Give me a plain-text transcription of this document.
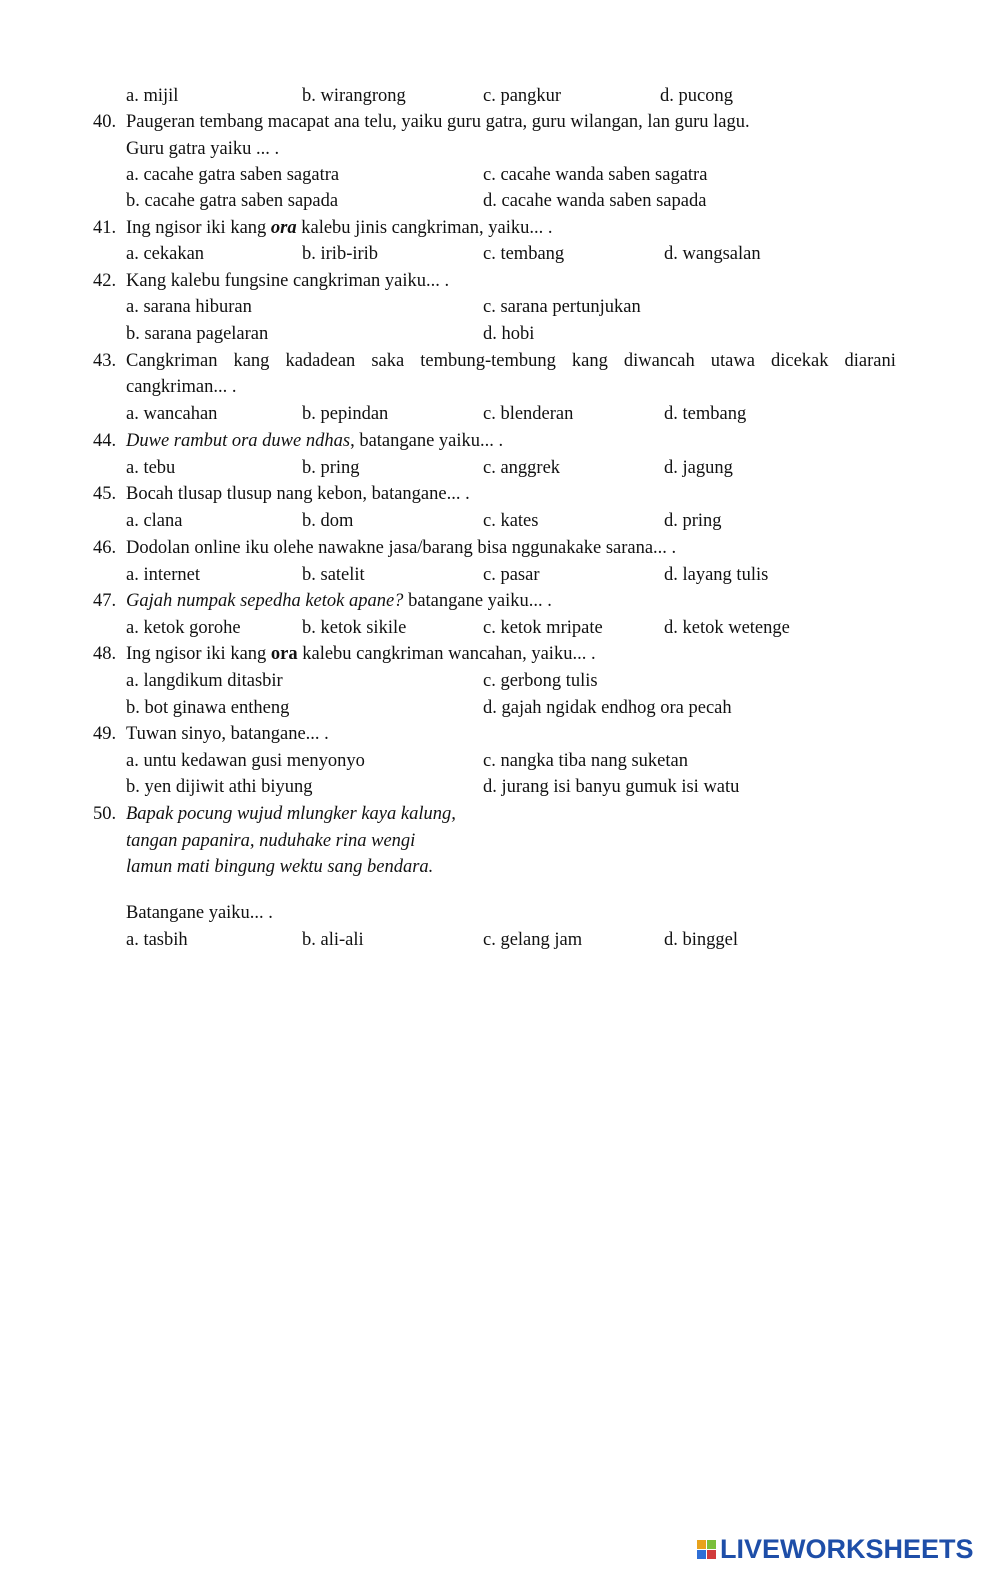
a. mijil	b. wirangrong	c. pangkur	d. pucong
40. Paugeran tembang macapat ana telu, yaiku guru gatra, guru wilangan, lan guru lagu.
Guru gatra yaiku ... .
a. cacahe gatra saben sagatra	c. cacahe wanda saben sagatra
b. cacahe gatra saben sapada	d. cacahe wanda saben sapada
41. Ing ngisor iki kang ora kalebu jinis cangkriman, yaiku... .
a. cekakan	b. irib-irib	c. tembang	d. wangsalan
42. Kang kalebu fungsine cangkriman yaiku... .
a. sarana hiburan	c. sarana pertunjukan
b. sarana pagelaran	d. hobi
43. Cangkriman kang kadadean saka tembung-tembung kang diwancah utawa dicekak diarani
cangkriman... .
a. wancahan	b. pepindan	c. blenderan	d. tembang
44. Duwe rambut ora duwe ndhas, batangane yaiku... .
a. tebu	b. pring	c. anggrek	d. jagung
45. Bocah tlusap tlusup nang kebon, batangane... .
a. clana	b. dom	c. kates	d. pring
46. Dodolan online iku olehe nawakne jasa/barang bisa nggunakake sarana... .
a. internet	b. satelit	c. pasar	d. layang tulis
47. Gajah numpak sepedha ketok apane? batangane yaiku... .
a. ketok gorohe	b. ketok sikile	c. ketok mripate	d. ketok wetenge
48. Ing ngisor iki kang ora kalebu cangkriman wancahan, yaiku... .
a. langdikum ditasbir	c. gerbong tulis
b. bot ginawa entheng	d. gajah ngidak endhog ora pecah
49. Tuwan sinyo, batangane... .
a. untu kedawan gusi menyonyo	c. nangka tiba nang suketan
b. yen dijiwit athi biyung	d. jurang isi banyu gumuk isi watu
50. Bapak pocung wujud mlungker kaya kalung,
tangan papanira, nuduhake rina wengi
lamun mati bingung wektu sang bendara.
Batangane yaiku... .
a. tasbih	b. ali-ali	c. gelang jam	d. binggel
LIVEWORKSHEETS
